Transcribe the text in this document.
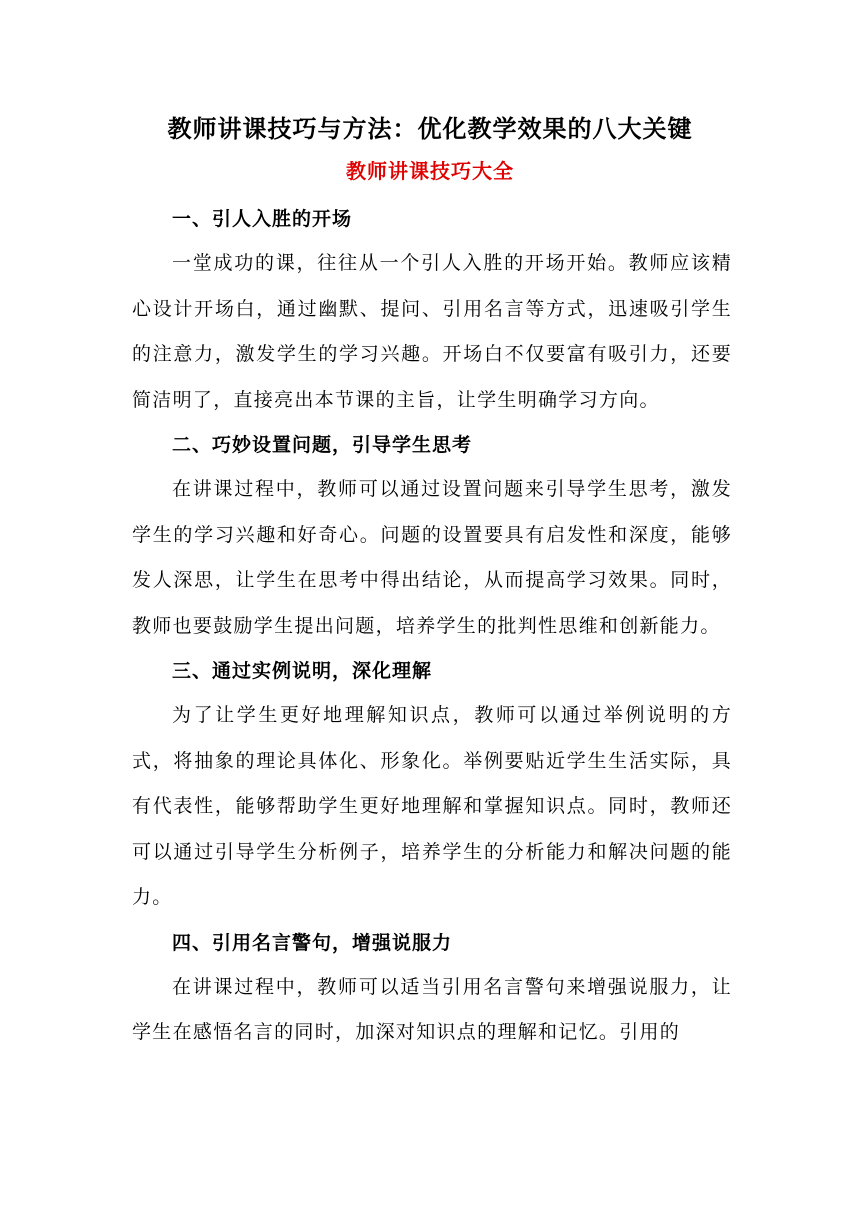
教师讲课技巧与方法：优化教学效果的八大关键
教师讲课技巧大全

一、引人入胜的开场

一堂成功的课，往往从一个引人入胜的开场开始。教师应该精心设计开场白，通过幽默、提问、引用名言等方式，迅速吸引学生的注意力，激发学生的学习兴趣。开场白不仅要富有吸引力，还要简洁明了，直接亮出本节课的主旨，让学生明确学习方向。

二、巧妙设置问题，引导学生思考

在讲课过程中，教师可以通过设置问题来引导学生思考，激发学生的学习兴趣和好奇心。问题的设置要具有启发性和深度，能够发人深思，让学生在思考中得出结论，从而提高学习效果。同时，教师也要鼓励学生提出问题，培养学生的批判性思维和创新能力。

三、通过实例说明，深化理解

为了让学生更好地理解知识点，教师可以通过举例说明的方式，将抽象的理论具体化、形象化。举例要贴近学生生活实际，具有代表性，能够帮助学生更好地理解和掌握知识点。同时，教师还可以通过引导学生分析例子，培养学生的分析能力和解决问题的能力。

四、引用名言警句，增强说服力

在讲课过程中，教师可以适当引用名言警句来增强说服力，让学生在感悟名言的同时，加深对知识点的理解和记忆。引用的
